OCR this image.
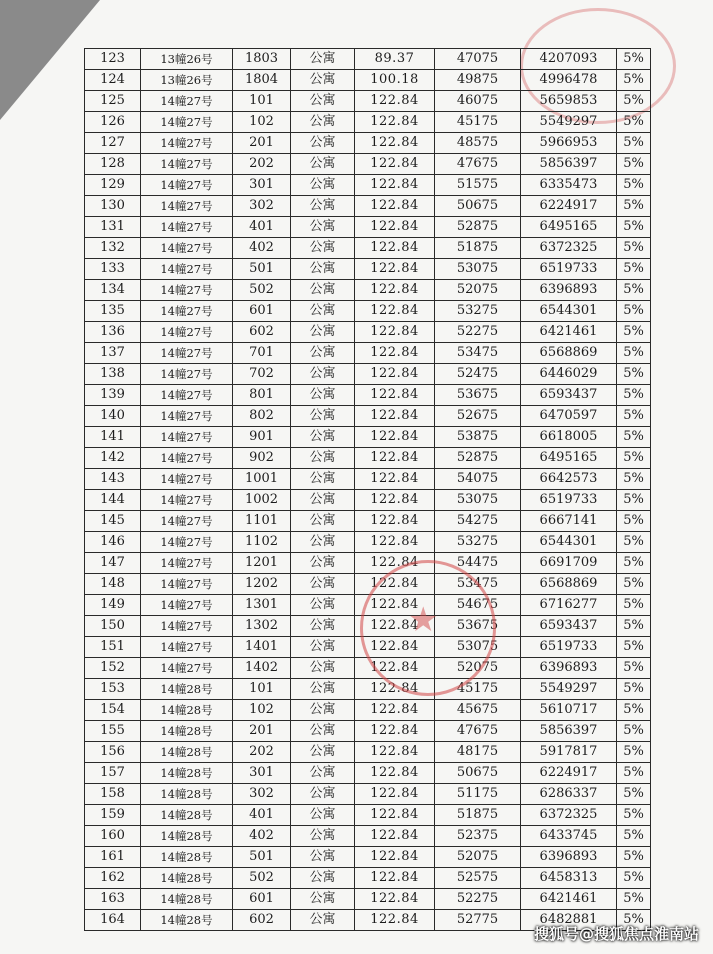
123	13幢26号	1803	公寓	89.37	47075	4207093	5%
124	13幢26号	1804	公寓	100.18	49875	4996478	5%
125	14幢27号	101	公寓	122.84	46075	5659853	5%
126	14幢27号	102	公寓	122.84	45175	5549297	5%
127	14幢27号	201	公寓	122.84	48575	5966953	5%
128	14幢27号	202	公寓	122.84	47675	5856397	5%
129	14幢27号	301	公寓	122.84	51575	6335473	5%
130	14幢27号	302	公寓	122.84	50675	6224917	5%
131	14幢27号	401	公寓	122.84	52875	6495165	5%
132	14幢27号	402	公寓	122.84	51875	6372325	5%
133	14幢27号	501	公寓	122.84	53075	6519733	5%
134	14幢27号	502	公寓	122.84	52075	6396893	5%
135	14幢27号	601	公寓	122.84	53275	6544301	5%
136	14幢27号	602	公寓	122.84	52275	6421461	5%
137	14幢27号	701	公寓	122.84	53475	6568869	5%
138	14幢27号	702	公寓	122.84	52475	6446029	5%
139	14幢27号	801	公寓	122.84	53675	6593437	5%
140	14幢27号	802	公寓	122.84	52675	6470597	5%
141	14幢27号	901	公寓	122.84	53875	6618005	5%
142	14幢27号	902	公寓	122.84	52875	6495165	5%
143	14幢27号	1001	公寓	122.84	54075	6642573	5%
144	14幢27号	1002	公寓	122.84	53075	6519733	5%
145	14幢27号	1101	公寓	122.84	54275	6667141	5%
146	14幢27号	1102	公寓	122.84	53275	6544301	5%
147	14幢27号	1201	公寓	122.84	54475	6691709	5%
148	14幢27号	1202	公寓	122.84	53475	6568869	5%
149	14幢27号	1301	公寓	122.84	54675	6716277	5%
150	14幢27号	1302	公寓	122.84	53675	6593437	5%
151	14幢27号	1401	公寓	122.84	53075	6519733	5%
152	14幢27号	1402	公寓	122.84	52075	6396893	5%
153	14幢28号	101	公寓	122.84	45175	5549297	5%
154	14幢28号	102	公寓	122.84	45675	5610717	5%
155	14幢28号	201	公寓	122.84	47675	5856397	5%
156	14幢28号	202	公寓	122.84	48175	5917817	5%
157	14幢28号	301	公寓	122.84	50675	6224917	5%
158	14幢28号	302	公寓	122.84	51175	6286337	5%
159	14幢28号	401	公寓	122.84	51875	6372325	5%
160	14幢28号	402	公寓	122.84	52375	6433745	5%
161	14幢28号	501	公寓	122.84	52075	6396893	5%
162	14幢28号	502	公寓	122.84	52575	6458313	5%
163	14幢28号	601	公寓	122.84	52275	6421461	5%
164	14幢28号	602	公寓	122.84	52775	6482881	5%
★
搜狐号@搜狐焦点淮南站
